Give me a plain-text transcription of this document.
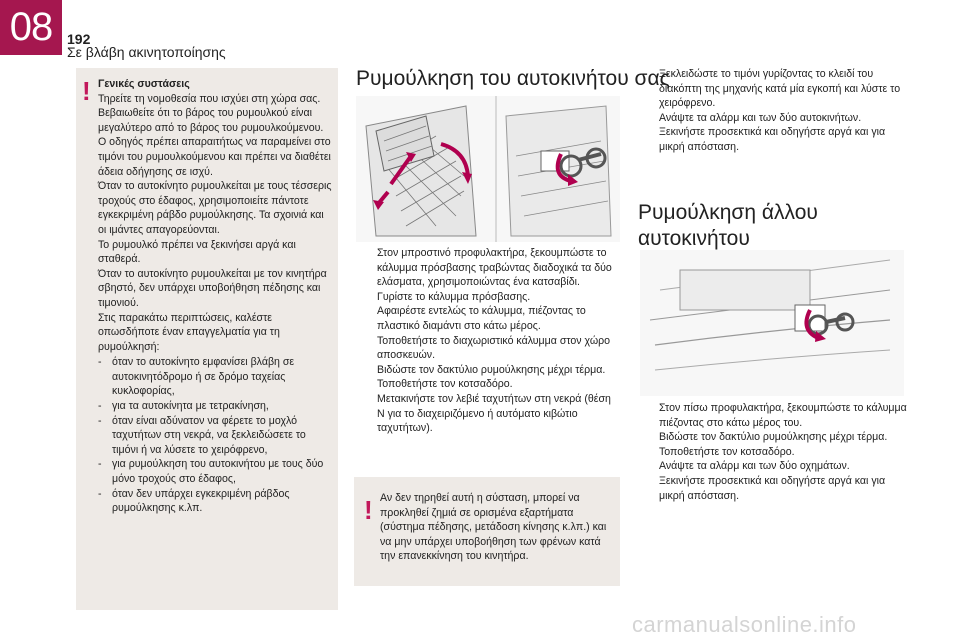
08	192
Σε βλάβη ακινητοποίησης
! Γενικές συστάσεις
Τηρείτε τη νομοθεσία που ισχύει στη χώρα σας.
Βεβαιωθείτε ότι το βάρος του ρυμουλκού είναι μεγαλύτερο από το βάρος του ρυμουλκούμενου.
Ο οδηγός πρέπει απαραιτήτως να παραμείνει στο τιμόνι του ρυμουλκούμενου και πρέπει να διαθέτει άδεια οδήγησης σε ισχύ.
Όταν το αυτοκίνητο ρυμουλκείται με τους τέσσερις τροχούς στο έδαφος, χρησιμοποιείτε πάντοτε εγκεκριμένη ράβδο ρυμούλκησης. Τα σχοινιά και οι ιμάντες απαγορεύονται.
Το ρυμουλκό πρέπει να ξεκινήσει αργά και σταθερά.
Όταν το αυτοκίνητο ρυμουλκείται με τον κινητήρα σβηστό, δεν υπάρχει υποβοήθηση πέδησης και τιμονιού.
Στις παρακάτω περιπτώσεις, καλέστε οπωσδήποτε έναν επαγγελματία για τη ρυμούλκησή:
- όταν το αυτοκίνητο εμφανίσει βλάβη σε αυτοκινητόδρομο ή σε δρόμο ταχείας κυκλοφορίας,
- για τα αυτοκίνητα με τετρακίνηση,
- όταν είναι αδύνατον να φέρετε το μοχλό ταχυτήτων στη νεκρά, να ξεκλειδώσετε το τιμόνι ή να λύσετε το χειρόφρενο,
- για ρυμούλκηση του αυτοκινήτου με τους δύο μόνο τροχούς στο έδαφος,
- όταν δεν υπάρχει εγκεκριμένη ράβδος ρυμούλκησης κ.λπ.
Ρυμούλκηση του αυτοκινήτου σας
Στον μπροστινό προφυλακτήρα, ξεκουμπώστε το κάλυμμα πρόσβασης τραβώντας διαδοχικά τα δύο ελάσματα, χρησιμοποιώντας ένα κατσαβίδι.
Γυρίστε το κάλυμμα πρόσβασης.
Αφαιρέστε εντελώς το κάλυμμα, πιέζοντας το πλαστικό διαμάντι στο κάτω μέρος.
Τοποθετήστε το διαχωριστικό κάλυμμα στον χώρο αποσκευών.
Βιδώστε τον δακτύλιο ρυμούλκησης μέχρι τέρμα.
Τοποθετήστε τον κοτσαδόρο.
Μετακινήστε τον λεβιέ ταχυτήτων στη νεκρά (θέση N για το διαχειριζόμενο ή αυτόματο κιβώτιο ταχυτήτων).
! Αν δεν τηρηθεί αυτή η σύσταση, μπορεί να προκληθεί ζημιά σε ορισμένα εξαρτήματα (σύστημα πέδησης, μετάδοση κίνησης κ.λπ.) και να μην υπάρχει υποβοήθηση των φρένων κατά την επανεκκίνηση του κινητήρα.
Ξεκλειδώστε το τιμόνι γυρίζοντας το κλειδί του διακόπτη της μηχανής κατά μία εγκοπή και λύστε το χειρόφρενο.
Ανάψτε τα αλάρμ και των δύο αυτοκινήτων.
Ξεκινήστε προσεκτικά και οδηγήστε αργά και για μικρή απόσταση.
Ρυμούλκηση άλλου
αυτοκινήτου
Στον πίσω προφυλακτήρα, ξεκουμπώστε το κάλυμμα πιέζοντας στο κάτω μέρος του.
Βιδώστε τον δακτύλιο ρυμούλκησης μέχρι τέρμα.
Τοποθετήστε τον κοτσαδόρο.
Ανάψτε τα αλάρμ και των δύο οχημάτων.
Ξεκινήστε προσεκτικά και οδηγήστε αργά και για μικρή απόσταση.
carmanualsonline.info
